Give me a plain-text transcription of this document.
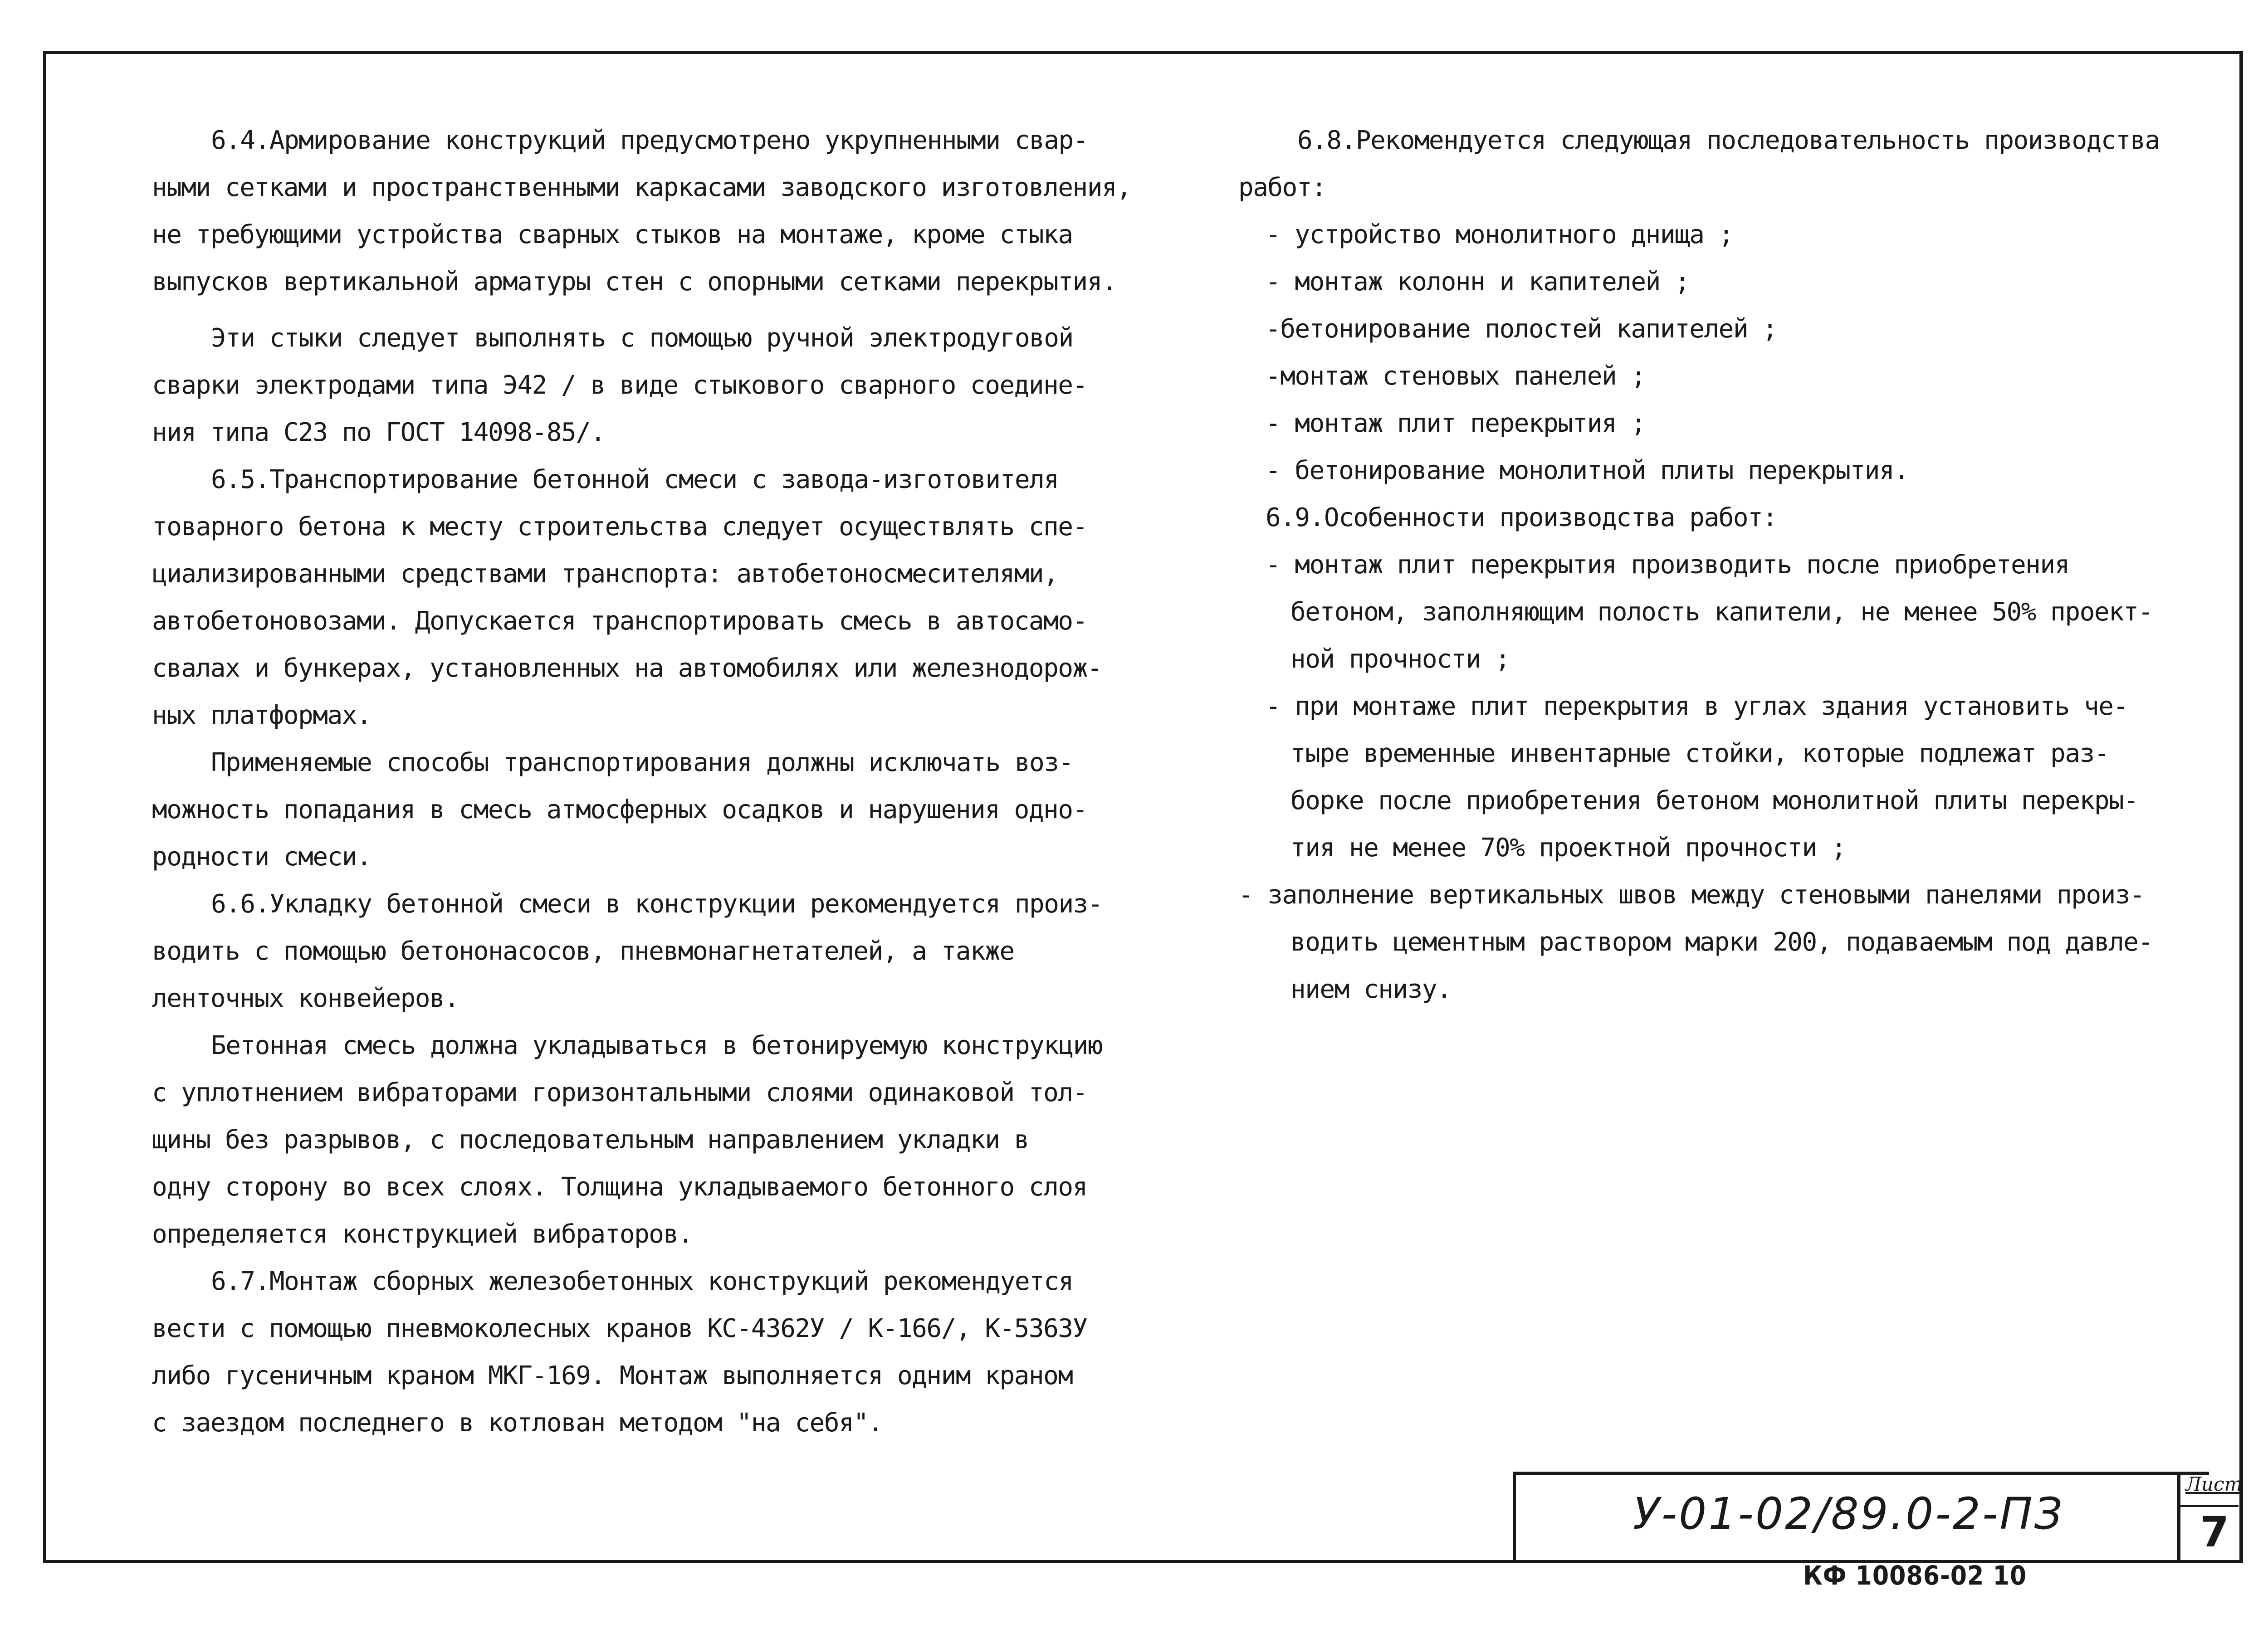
6.4.Армирование конструкций предусмотрено укрупненными свар-
ными сетками и пространственными каркасами заводского изготовления,
не требующими устройства сварных стыков на монтаже, кроме стыка
выпусков вертикальной арматуры стен с опорными сетками перекрытия.
Эти стыки следует выполнять с помощью ручной электродуговой
сварки электродами типа Э42 / в виде стыкового сварного соедине-
ния типа С23 по ГОСТ 14098-85/.
6.5.Транспортирование бетонной смеси с завода-изготовителя
товарного бетона к месту строительства следует осуществлять спе-
циализированными средствами транспорта: автобетоносмесителями,
автобетоновозами. Допускается транспортировать смесь в автосамо-
свалах и бункерах, установленных на автомобилях или железнодорож-
ных платформах.
Применяемые способы транспортирования должны исключать воз-
можность попадания в смесь атмосферных осадков и нарушения одно-
родности смеси.
6.6.Укладку бетонной смеси в конструкции рекомендуется произ-
водить с помощью бетононасосов, пневмонагнетателей, а также
ленточных конвейеров.
Бетонная смесь должна укладываться в бетонируемую конструкцию
с уплотнением вибраторами горизонтальными слоями одинаковой тол-
щины без разрывов, с последовательным направлением укладки в
одну сторону во всех слоях. Толщина укладываемого бетонного слоя
определяется конструкцией вибраторов.
6.7.Монтаж сборных железобетонных конструкций рекомендуется
вести с помощью пневмоколесных кранов КС-4362У / К-166/, К-5363У
либо гусеничным краном МКГ-169. Монтаж выполняется одним краном
с заездом последнего в котлован методом "на себя".
6.8.Рекомендуется следующая последовательность производства
работ:
- устройство монолитного днища ;
- монтаж колонн и капителей ;
-бетонирование полостей капителей ;
-монтаж стеновых панелей ;
- монтаж плит перекрытия ;
- бетонирование монолитной плиты перекрытия.
6.9.Особенности производства работ:
- монтаж плит перекрытия производить после приобретения
бетоном, заполняющим полость капители, не менее 50% проект-
ной прочности ;
- при монтаже плит перекрытия в углах здания установить че-
тыре временные инвентарные стойки, которые подлежат раз-
борке после приобретения бетоном монолитной плиты перекры-
тия не менее 70% проектной прочности ;
- заполнение вертикальных швов между стеновыми панелями произ-
водить цементным раствором марки 200, подаваемым под давле-
нием снизу.
У-01-02/89.0-2-ПЗ
Лист
7
КФ 10086-02 10
